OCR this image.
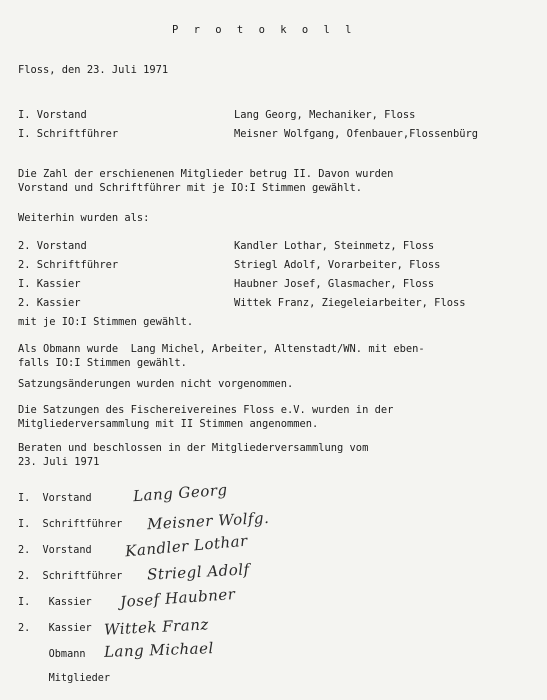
P r o t o k o l l
Floss, den 23. Juli 1971
I. Vorstand	Lang Georg, Mechaniker, Floss
I. Schriftführer	Meisner Wolfgang, Ofenbauer,Flossenbürg
Die Zahl der erschienenen Mitglieder betrug II. Davon wurden
Vorstand und Schriftführer mit je IO:I Stimmen gewählt.
Weiterhin wurden als:
2. Vorstand	Kandler Lothar, Steinmetz, Floss
2. Schriftführer	Striegl Adolf, Vorarbeiter, Floss
I. Kassier	Haubner Josef, Glasmacher, Floss
2. Kassier	Wittek Franz, Ziegeleiarbeiter, Floss
mit je IO:I Stimmen gewählt.
Als Obmann wurde  Lang Michel, Arbeiter, Altenstadt/WN. mit eben-
falls IO:I Stimmen gewählt.
Satzungsänderungen wurden nicht vorgenommen.
Die Satzungen des Fischereivereines Floss e.V. wurden in der
Mitgliederversammlung mit II Stimmen angenommen.
Beraten und beschlossen in der Mitgliederversammlung vom
23. Juli 1971
I.  Vorstand	Lang Georg
I.  Schriftführer Meisner Wolfg.
2.  Vorstand Kandler Lothar
2.  Schriftführer Striegl Adolf
I.   Kassier Josef Haubner
2.   Kassier Wittek Franz
Obmann Lang Michael
Mitglieder
